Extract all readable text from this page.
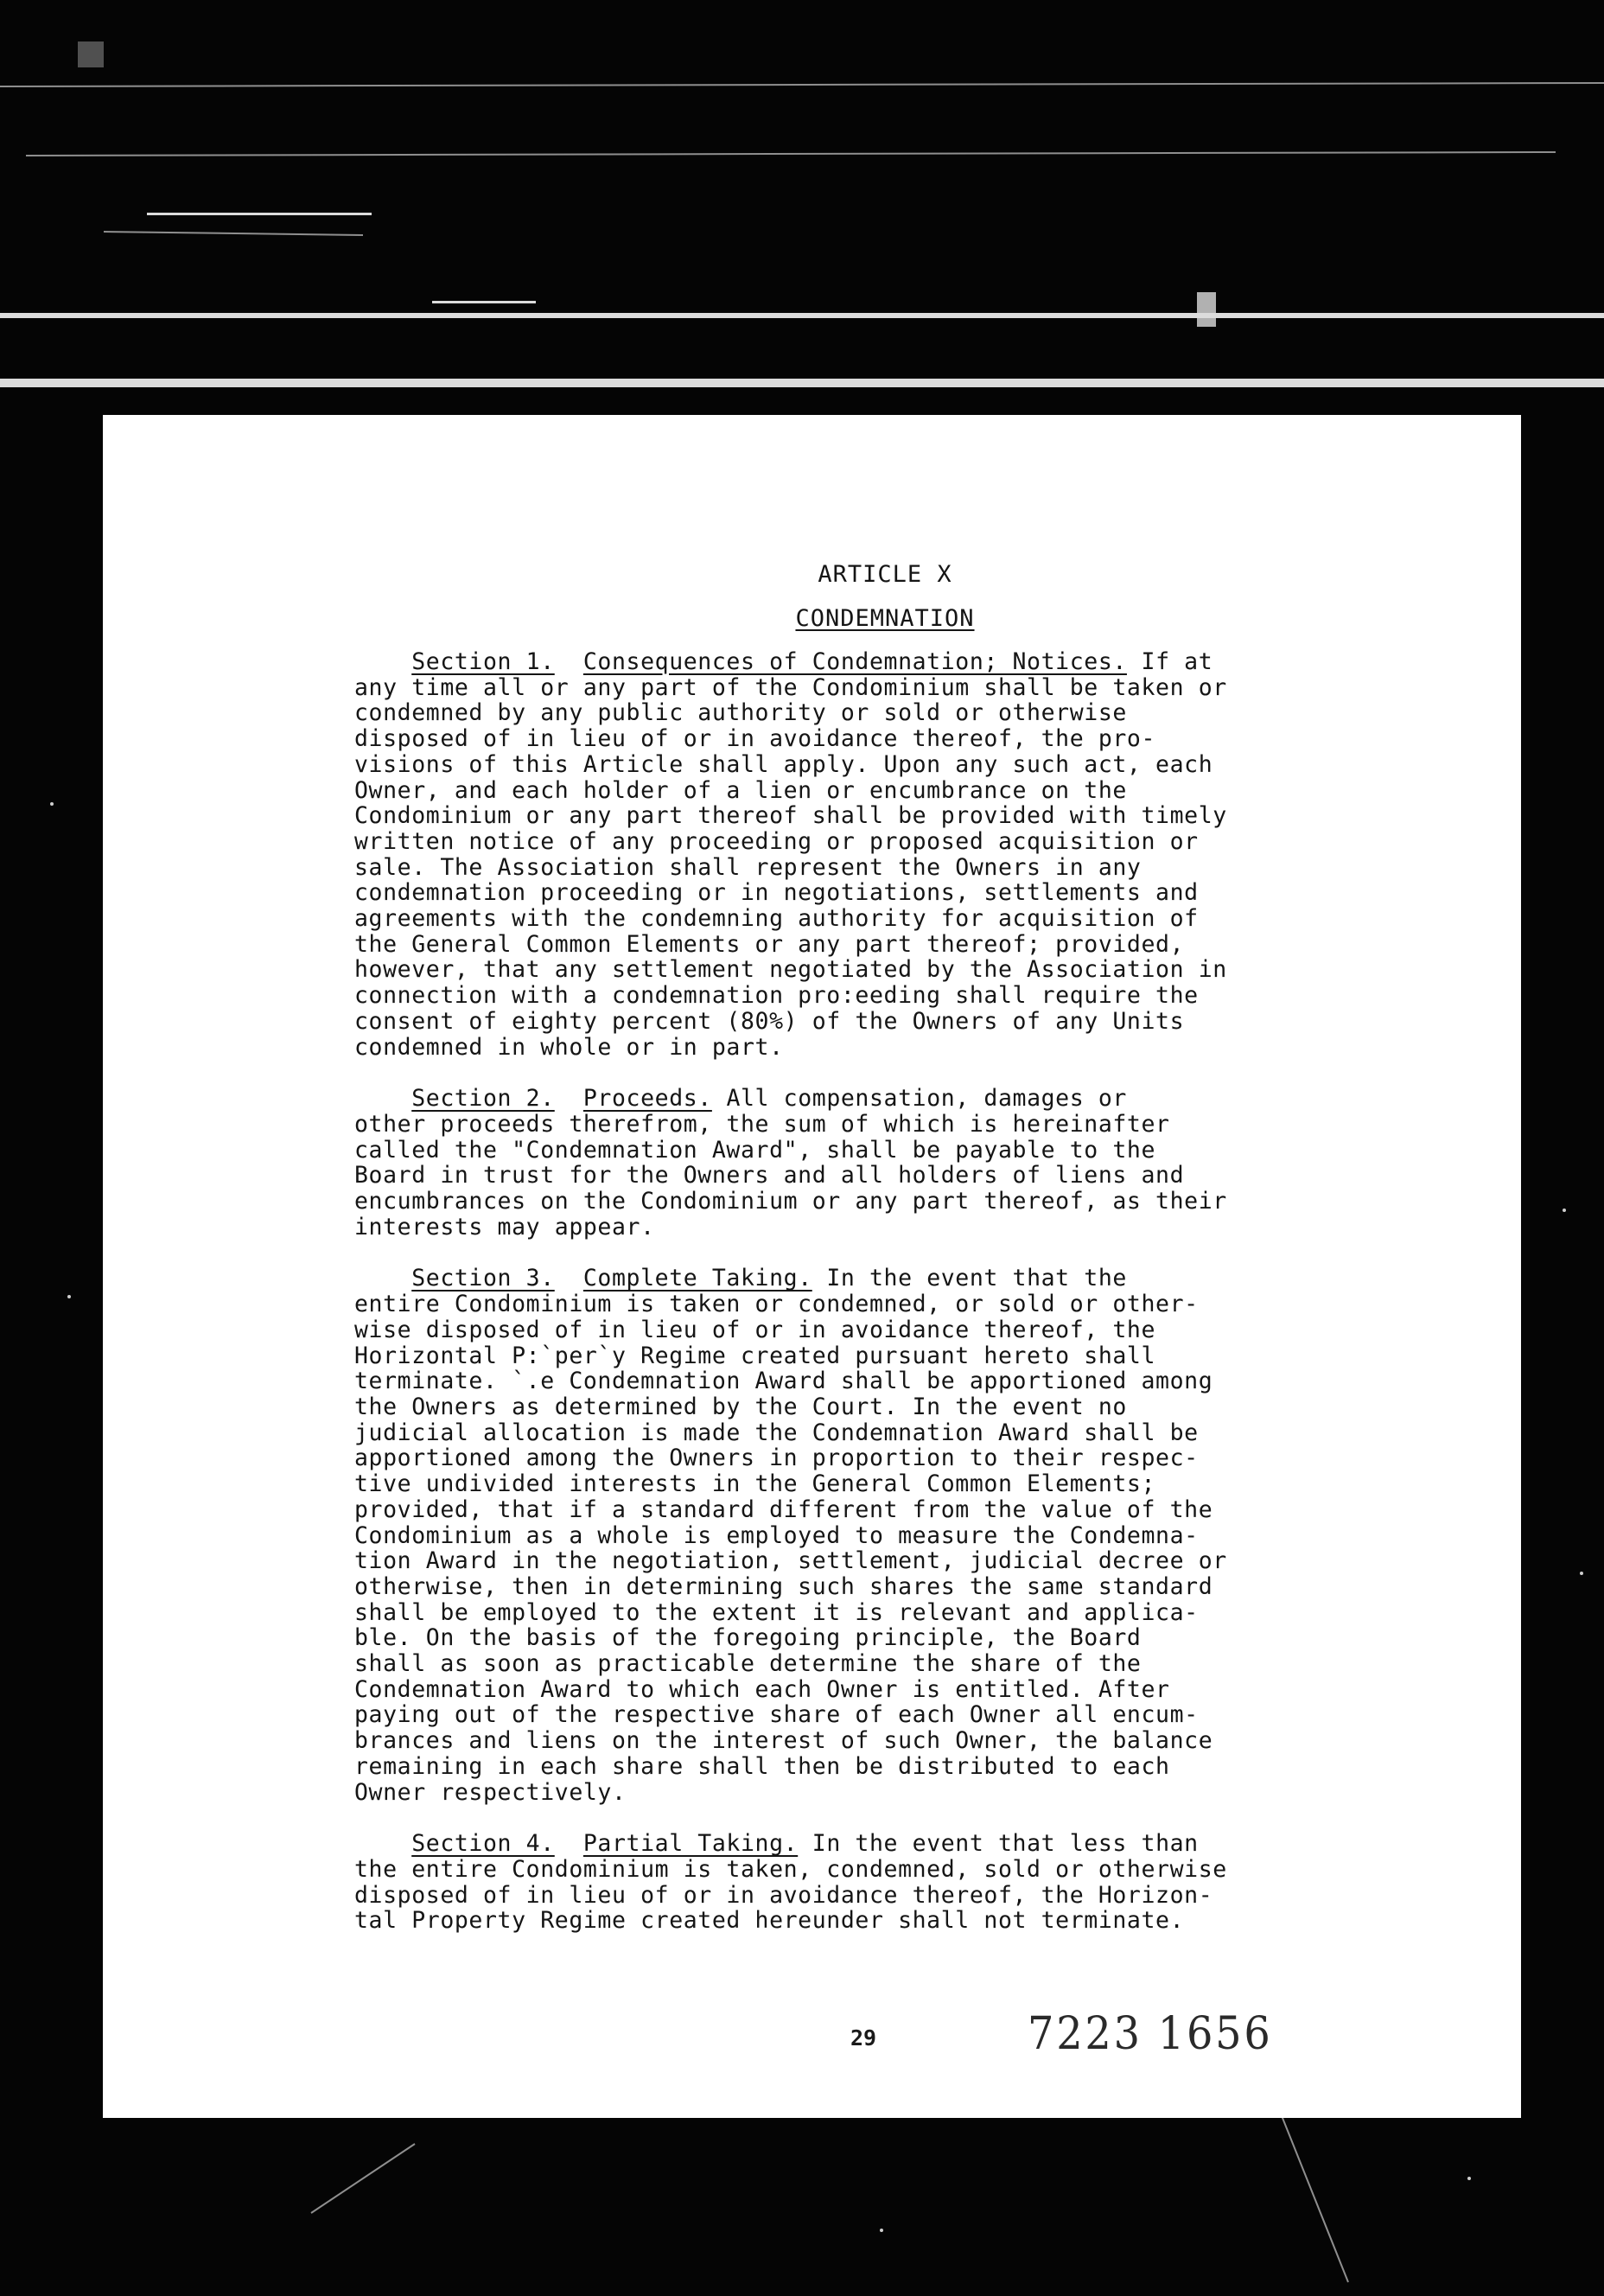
ARTICLE X

CONDEMNATION

Section 1. Consequences of Condemnation; Notices. If at
any time all or any part of the Condominium shall be taken or
condemned by any public authority or sold or otherwise
disposed of in lieu of or in avoidance thereof, the pro-
visions of this Article shall apply. Upon any such act, each
Owner, and each holder of a lien or encumbrance on the
Condominium or any part thereof shall be provided with timely
written notice of any proceeding or proposed acquisition or
sale. The Association shall represent the Owners in any
condemnation proceeding or in negotiations, settlements and
agreements with the condemning authority for acquisition of
the General Common Elements or any part thereof; provided,
however, that any settlement negotiated by the Association in
connection with a condemnation pro:eeding shall require the
consent of eighty percent (80%) of the Owners of any Units
condemned in whole or in part.

Section 2. Proceeds. All compensation, damages or
other proceeds therefrom, the sum of which is hereinafter
called the "Condemnation Award", shall be payable to the
Board in trust for the Owners and all holders of liens and
encumbrances on the Condominium or any part thereof, as their
interests may appear.

Section 3. Complete Taking. In the event that the
entire Condominium is taken or condemned, or sold or other-
wise disposed of in lieu of or in avoidance thereof, the
Horizontal P:`per`y Regime created pursuant hereto shall
terminate. `.e Condemnation Award shall be apportioned among
the Owners as determined by the Court. In the event no
judicial allocation is made the Condemnation Award shall be
apportioned among the Owners in proportion to their respec-
tive undivided interests in the General Common Elements;
provided, that if a standard different from the value of the
Condominium as a whole is employed to measure the Condemna-
tion Award in the negotiation, settlement, judicial decree or
otherwise, then in determining such shares the same standard
shall be employed to the extent it is relevant and applica-
ble. On the basis of the foregoing principle, the Board
shall as soon as practicable determine the share of the
Condemnation Award to which each Owner is entitled. After
paying out of the respective share of each Owner all encum-
brances and liens on the interest of such Owner, the balance
remaining in each share shall then be distributed to each
Owner respectively.

Section 4. Partial Taking. In the event that less than
the entire Condominium is taken, condemned, sold or otherwise
disposed of in lieu of or in avoidance thereof, the Horizon-
tal Property Regime created hereunder shall not terminate.

29	7223 1656
